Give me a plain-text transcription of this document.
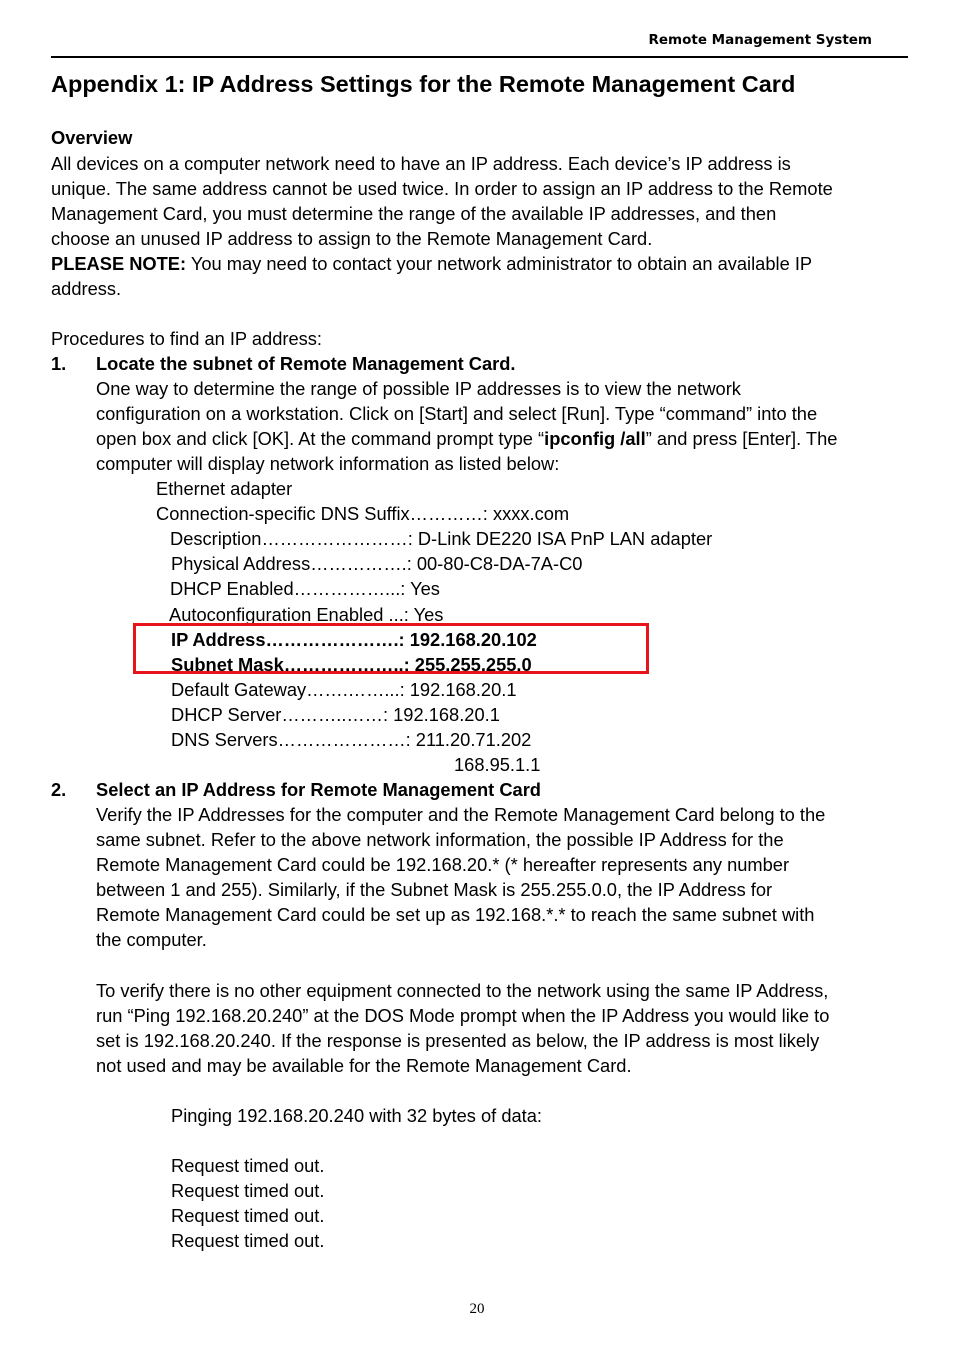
Remote Management System
Appendix 1: IP Address Settings for the Remote Management Card
Overview
All devices on a computer network need to have an IP address. Each device’s IP address is
unique. The same address cannot be used twice. In order to assign an IP address to the Remote
Management Card, you must determine the range of the available IP addresses, and then
choose an unused IP address to assign to the Remote Management Card.
PLEASE NOTE: You may need to contact your network administrator to obtain an available IP
address.
Procedures to find an IP address:
1. Locate the subnet of Remote Management Card.
One way to determine the range of possible IP addresses is to view the network
configuration on a workstation. Click on [Start] and select [Run]. Type “command” into the
open box and click [OK]. At the command prompt type “ipconfig /all” and press [Enter]. The
computer will display network information as listed below:
Ethernet adapter
Connection-specific DNS Suffix…………: xxxx.com
Description……………………: D-Link DE220 ISA PnP LAN adapter
Physical Address…………….: 00-80-C8-DA-7A-C0
DHCP Enabled……………...: Yes
Autoconfiguration Enabled ...: Yes
IP Address………………….: 192.168.20.102
Subnet Mask………………..: 255.255.255.0
Default Gateway…….……...: 192.168.20.1
DHCP Server………..……: 192.168.20.1
DNS Servers…………………: 211.20.71.202
168.95.1.1
2. Select an IP Address for Remote Management Card
Verify the IP Addresses for the computer and the Remote Management Card belong to the
same subnet. Refer to the above network information, the possible IP Address for the
Remote Management Card could be 192.168.20.* (* hereafter represents any number
between 1 and 255). Similarly, if the Subnet Mask is 255.255.0.0, the IP Address for
Remote Management Card could be set up as 192.168.*.* to reach the same subnet with
the computer.
To verify there is no other equipment connected to the network using the same IP Address,
run “Ping 192.168.20.240” at the DOS Mode prompt when the IP Address you would like to
set is 192.168.20.240. If the response is presented as below, the IP address is most likely
not used and may be available for the Remote Management Card.
Pinging 192.168.20.240 with 32 bytes of data:
Request timed out.
Request timed out.
Request timed out.
Request timed out.
20
